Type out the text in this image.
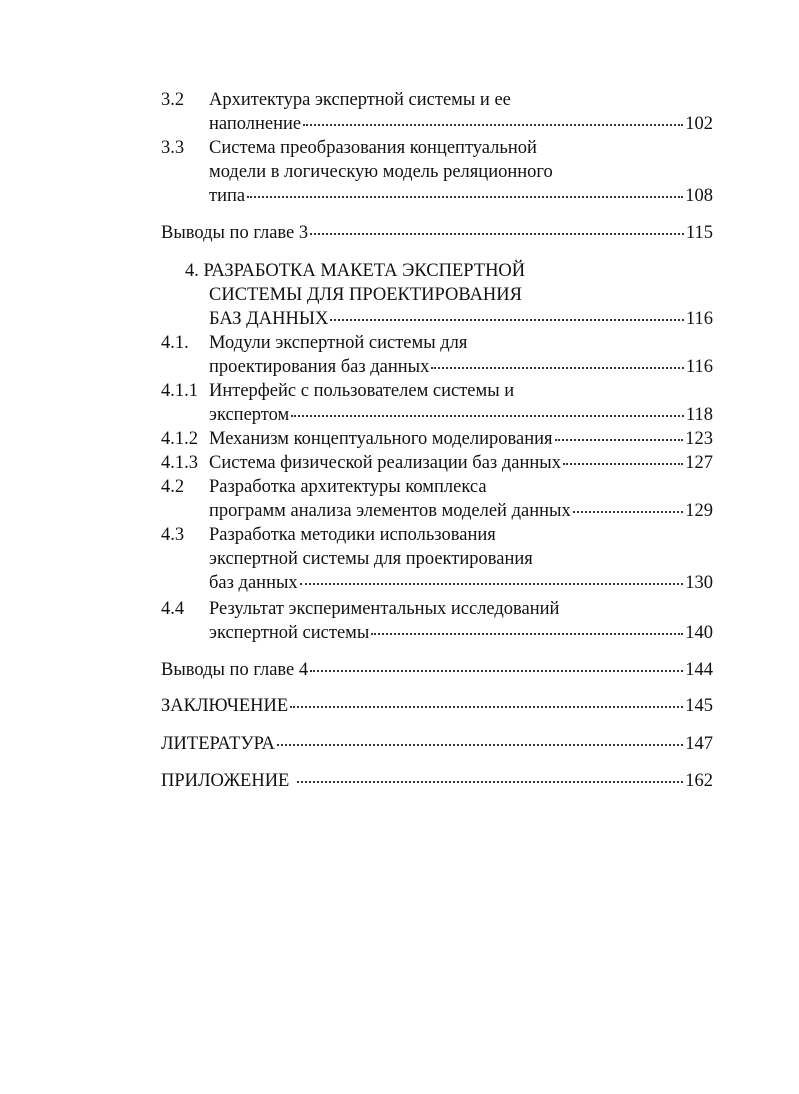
3.2 Архитектура экспертной системы и ее
наполнение	102
3.3 Система преобразования концептуальной
модели в логическую модель реляционного
типа	108
Выводы по главе 3	115
4. РАЗРАБОТКА МАКЕТА ЭКСПЕРТНОЙ
СИСТЕМЫ ДЛЯ ПРОЕКТИРОВАНИЯ
БАЗ ДАННЫХ	116
4.1. Модули экспертной системы для
проектирования баз данных	116
4.1.1 Интерфейс с пользователем системы и
экспертом	118
4.1.2 Механизм концептуального моделирования	123
4.1.3 Система физической реализации баз данных	127
4.2 Разработка архитектуры комплекса
программ анализа элементов моделей данных	129
4.3 Разработка методики использования
экспертной системы для проектирования
баз данных	130
4.4 Результат экспериментальных исследований
экспертной системы	140
Выводы по главе 4	144
ЗАКЛЮЧЕНИЕ	145
ЛИТЕРАТУРА	147
ПРИЛОЖЕНИЕ	162
